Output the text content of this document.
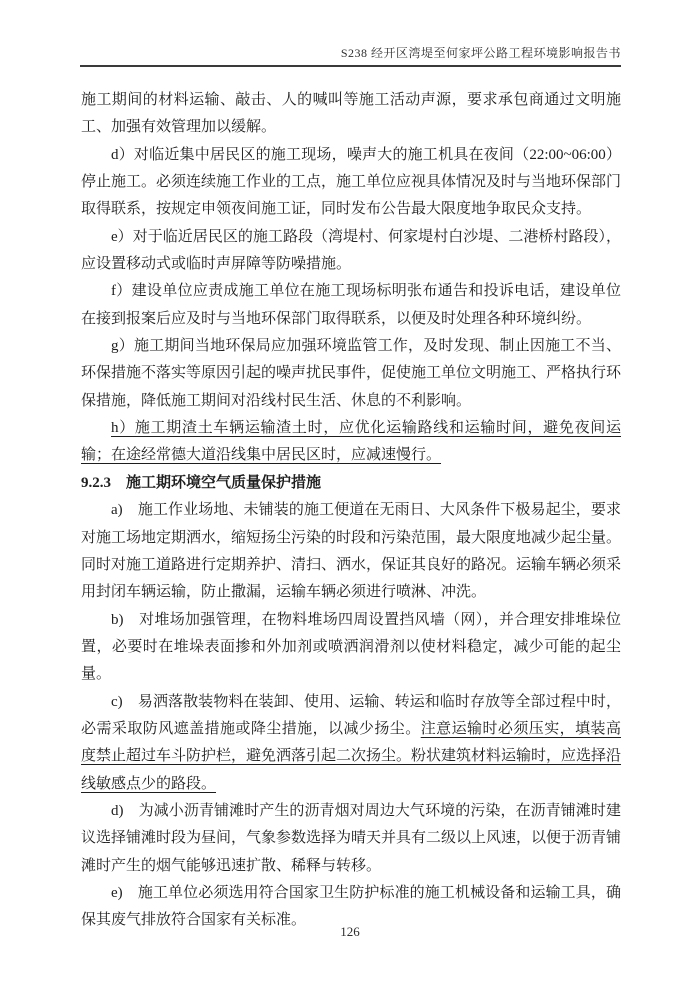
S238 经开区湾堤至何家坪公路工程环境影响报告书

施工期间的材料运输、敲击、人的喊叫等施工活动声源，要求承包商通过文明施工、加强有效管理加以缓解。

d）对临近集中居民区的施工现场，噪声大的施工机具在夜间（22:00~06:00）停止施工。必须连续施工作业的工点，施工单位应视具体情况及时与当地环保部门取得联系，按规定申领夜间施工证，同时发布公告最大限度地争取民众支持。

e）对于临近居民区的施工路段（湾堤村、何家堤村白沙堤、二港桥村路段），应设置移动式或临时声屏障等防噪措施。

f）建设单位应责成施工单位在施工现场标明张布通告和投诉电话，建设单位在接到报案后应及时与当地环保部门取得联系，以便及时处理各种环境纠纷。

g）施工期间当地环保局应加强环境监管工作，及时发现、制止因施工不当、环保措施不落实等原因引起的噪声扰民事件，促使施工单位文明施工、严格执行环保措施，降低施工期间对沿线村民生活、休息的不利影响。

h）施工期渣土车辆运输渣土时，应优化运输路线和运输时间，避免夜间运输；在途经常德大道沿线集中居民区时，应减速慢行。

9.2.3　施工期环境空气质量保护措施

a)　施工作业场地、未铺装的施工便道在无雨日、大风条件下极易起尘，要求对施工场地定期洒水，缩短扬尘污染的时段和污染范围，最大限度地减少起尘量。同时对施工道路进行定期养护、清扫、洒水，保证其良好的路况。运输车辆必须采用封闭车辆运输，防止撒漏，运输车辆必须进行喷淋、冲洗。

b)　对堆场加强管理，在物料堆场四周设置挡风墙（网），并合理安排堆垛位置，必要时在堆垛表面掺和外加剂或喷洒润滑剂以使材料稳定，减少可能的起尘量。

c)　易洒落散装物料在装卸、使用、运输、转运和临时存放等全部过程中时，必需采取防风遮盖措施或降尘措施，以减少扬尘。注意运输时必须压实，填装高度禁止超过车斗防护栏，避免洒落引起二次扬尘。粉状建筑材料运输时，应选择沿线敏感点少的路段。

d)　为减小沥青铺滩时产生的沥青烟对周边大气环境的污染，在沥青铺滩时建议选择铺滩时段为昼间，气象参数选择为晴天并具有二级以上风速，以便于沥青铺滩时产生的烟气能够迅速扩散、稀释与转移。

e)　施工单位必须选用符合国家卫生防护标准的施工机械设备和运输工具，确保其废气排放符合国家有关标准。

126
